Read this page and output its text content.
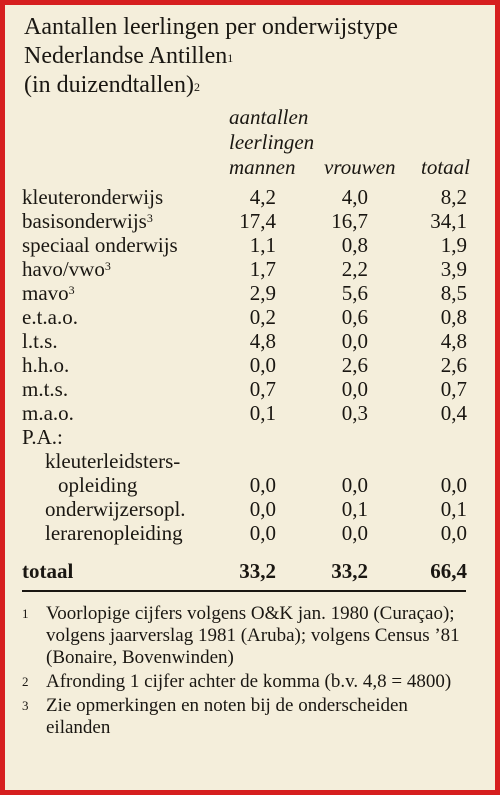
Aantallen leerlingen per onderwijstype
Nederlandse Antillen$^1$
(in duizendtallen)$^2$
aantallen
leerlingen
mannen vrouwen totaal
kleuteronderwijs	4,2	4,0	8,2
basisonderwijs$^3$	17,4	16,7	34,1
speciaal onderwijs	1,1	0,8	1,9
havo/vwo$^3$	1,7	2,2	3,9
mavo$^3$	2,9	5,6	8,5
e.t.a.o.	0,2	0,6	0,8
l.t.s.	4,8	0,0	4,8
h.h.o.	0,0	2,6	2,6
m.t.s.	0,7	0,0	0,7
m.a.o.	0,1	0,3	0,4
P.A.:
kleuterleidsters-
opleiding	0,0	0,0	0,0
onderwijzersopl.	0,0	0,1	0,1
lerarenopleiding	0,0	0,0	0,0
totaal	33,2	33,2	66,4
1 Voorlopige cijfers volgens O&K jan. 1980 (Curaçao); volgens jaarverslag 1981 (Aruba); volgens Census ’81 (Bonaire, Bovenwinden)
2 Afronding 1 cijfer achter de komma (b.v. 4,8 = 4800)
3 Zie opmerkingen en noten bij de onderscheiden eilanden
